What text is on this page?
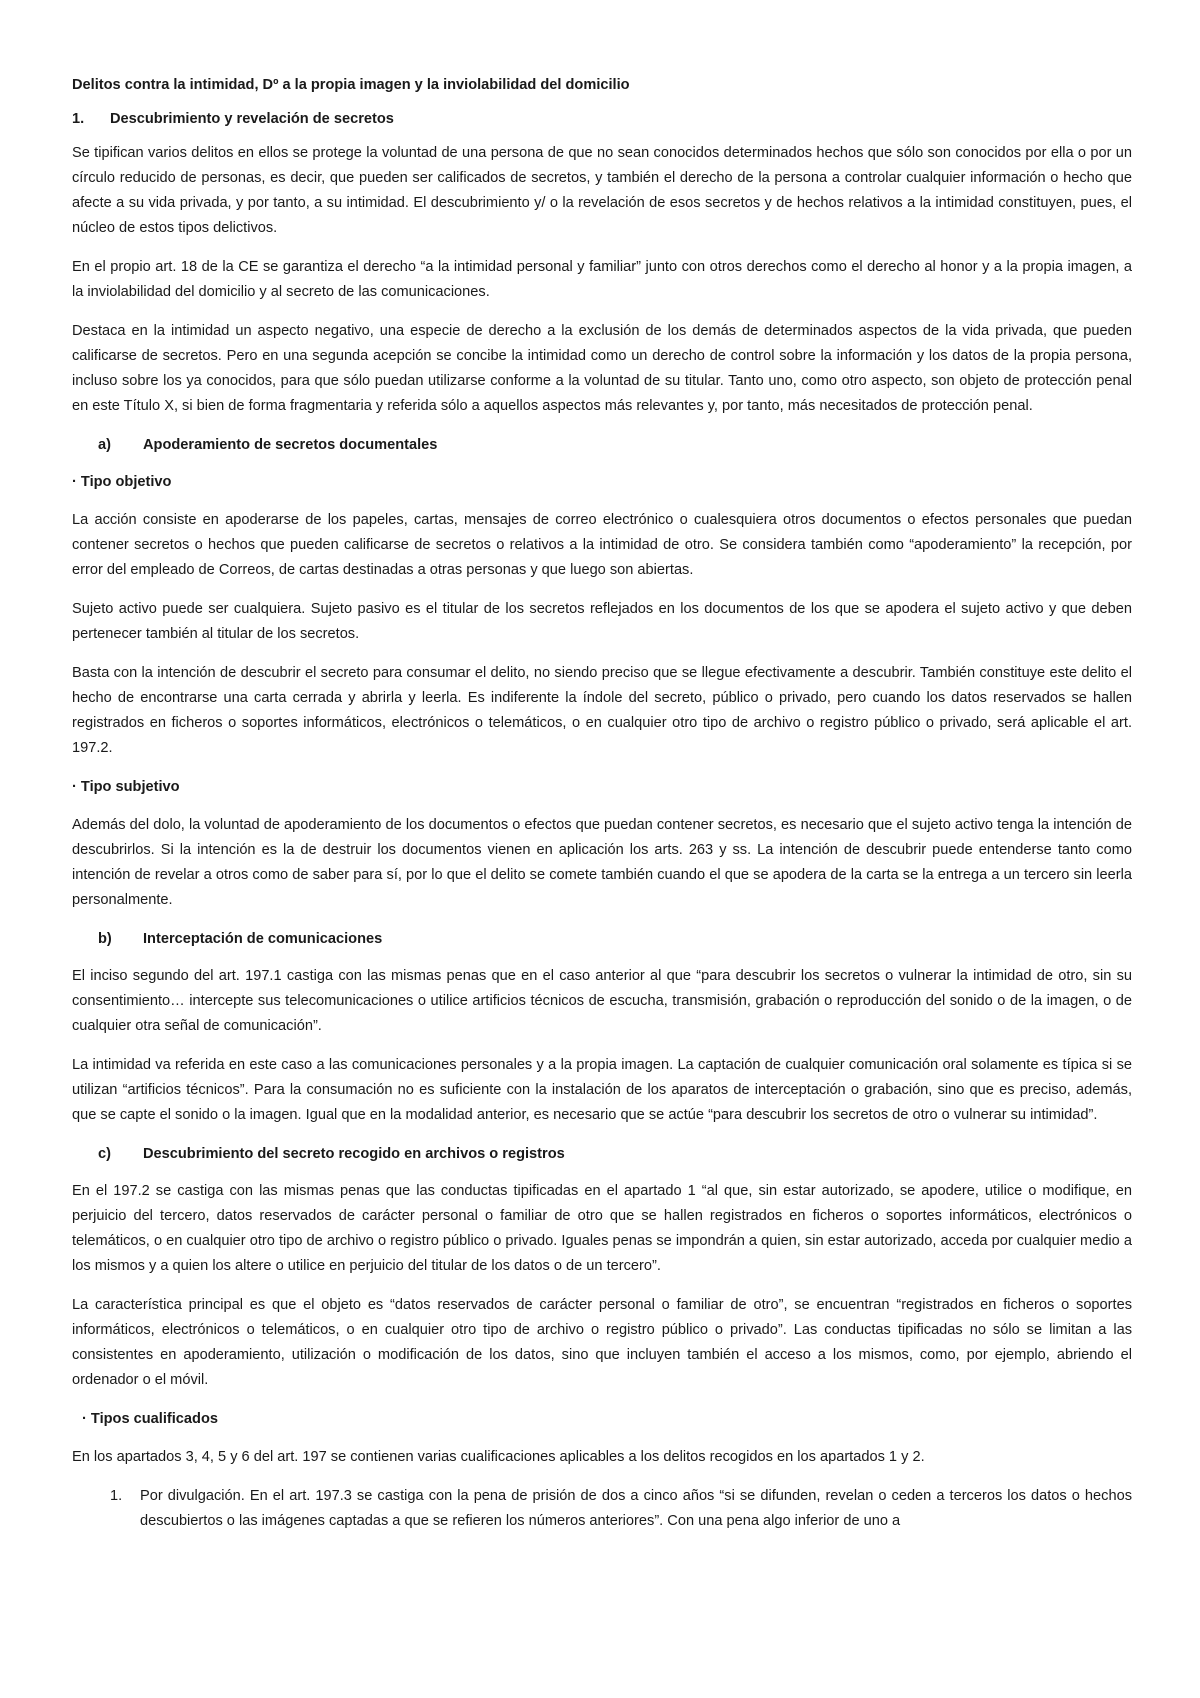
Delitos contra la intimidad, Dº a la propia imagen y la inviolabilidad del domicilio
1.	Descubrimiento y revelación de secretos

Se tipifican varios delitos en ellos se protege la voluntad de una persona de que no sean conocidos determinados hechos que sólo son conocidos por ella o por un círculo reducido de personas, es decir, que pueden ser calificados de secretos, y también el derecho de la persona a controlar cualquier información o hecho que afecte a su vida privada, y por tanto, a su intimidad. El descubrimiento y/ o la revelación de esos secretos y de hechos relativos a la intimidad constituyen, pues, el núcleo de estos tipos delictivos.

En el propio art. 18 de la CE se garantiza el derecho “a la intimidad personal y familiar” junto con otros derechos como el derecho al honor y a la propia imagen, a la inviolabilidad del domicilio y al secreto de las comunicaciones.

Destaca en la intimidad un aspecto negativo, una especie de derecho a la exclusión de los demás de determinados aspectos de la vida privada, que pueden calificarse de secretos. Pero en una segunda acepción se concibe la intimidad como un derecho de control sobre la información y los datos de la propia persona, incluso sobre los ya conocidos, para que sólo puedan utilizarse conforme a la voluntad de su titular. Tanto uno, como otro aspecto, son objeto de protección penal en este Título X, si bien de forma fragmentaria y referida sólo a aquellos aspectos más relevantes y, por tanto, más necesitados de protección penal.

a)	Apoderamiento de secretos documentales
· Tipo objetivo

La acción consiste en apoderarse de los papeles, cartas, mensajes de correo electrónico o cualesquiera otros documentos o efectos personales que puedan contener secretos o hechos que pueden calificarse de secretos o relativos a la intimidad de otro. Se considera también como “apoderamiento” la recepción, por error del empleado de Correos, de cartas destinadas a otras personas y que luego son abiertas.

Sujeto activo puede ser cualquiera. Sujeto pasivo es el titular de los secretos reflejados en los documentos de los que se apodera el sujeto activo y que deben pertenecer también al titular de los secretos.

Basta con la intención de descubrir el secreto para consumar el delito, no siendo preciso que se llegue efectivamente a descubrir. También constituye este delito el hecho de encontrarse una carta cerrada y abrirla y leerla. Es indiferente la índole del secreto, público o privado, pero cuando los datos reservados se hallen registrados en ficheros o soportes informáticos, electrónicos o telemáticos, o en cualquier otro tipo de archivo o registro público o privado, será aplicable el art. 197.2.

· Tipo subjetivo

Además del dolo, la voluntad de apoderamiento de los documentos o efectos que puedan contener secretos, es necesario que el sujeto activo tenga la intención de descubrirlos. Si la intención es la de destruir los documentos vienen en aplicación los arts. 263 y ss. La intención de descubrir puede entenderse tanto como intención de revelar a otros como de saber para sí, por lo que el delito se comete también cuando el que se apodera de la carta se la entrega a un tercero sin leerla personalmente.

b)	Interceptación de comunicaciones

El inciso segundo del art. 197.1 castiga con las mismas penas que en el caso anterior al que “para descubrir los secretos o vulnerar la intimidad de otro, sin su consentimiento… intercepte sus telecomunicaciones o utilice artificios técnicos de escucha, transmisión, grabación o reproducción del sonido o de la imagen, o de cualquier otra señal de comunicación”.

La intimidad va referida en este caso a las comunicaciones personales y a la propia imagen. La captación de cualquier comunicación oral solamente es típica si se utilizan “artificios técnicos”. Para la consumación no es suficiente con la instalación de los aparatos de interceptación o grabación, sino que es preciso, además, que se capte el sonido o la imagen. Igual que en la modalidad anterior, es necesario que se actúe “para descubrir los secretos de otro o vulnerar su intimidad”.

c)	Descubrimiento del secreto recogido en archivos o registros

En el 197.2 se castiga con las mismas penas que las conductas tipificadas en el apartado 1 “al que, sin estar autorizado, se apodere, utilice o modifique, en perjuicio del tercero, datos reservados de carácter personal o familiar de otro que se hallen registrados en ficheros o soportes informáticos, electrónicos o telemáticos, o en cualquier otro tipo de archivo o registro público o privado. Iguales penas se impondrán a quien, sin estar autorizado, acceda por cualquier medio a los mismos y a quien los altere o utilice en perjuicio del titular de los datos o de un tercero”.

La característica principal es que el objeto es “datos reservados de carácter personal o familiar de otro”, se encuentran “registrados en ficheros o soportes informáticos, electrónicos o telemáticos, o en cualquier otro tipo de archivo o registro público o privado”. Las conductas tipificadas no sólo se limitan a las consistentes en apoderamiento, utilización o modificación de los datos, sino que incluyen también el acceso a los mismos, como, por ejemplo, abriendo el ordenador o el móvil.

· Tipos cualificados

En los apartados 3, 4, 5 y 6 del art. 197 se contienen varias cualificaciones aplicables a los delitos recogidos en los apartados 1 y 2.

1.	Por divulgación. En el art. 197.3 se castiga con la pena de prisión de dos a cinco años “si se difunden, revelan o ceden a terceros los datos o hechos descubiertos o las imágenes captadas a que se refieren los números anteriores”. Con una pena algo inferior de uno a
